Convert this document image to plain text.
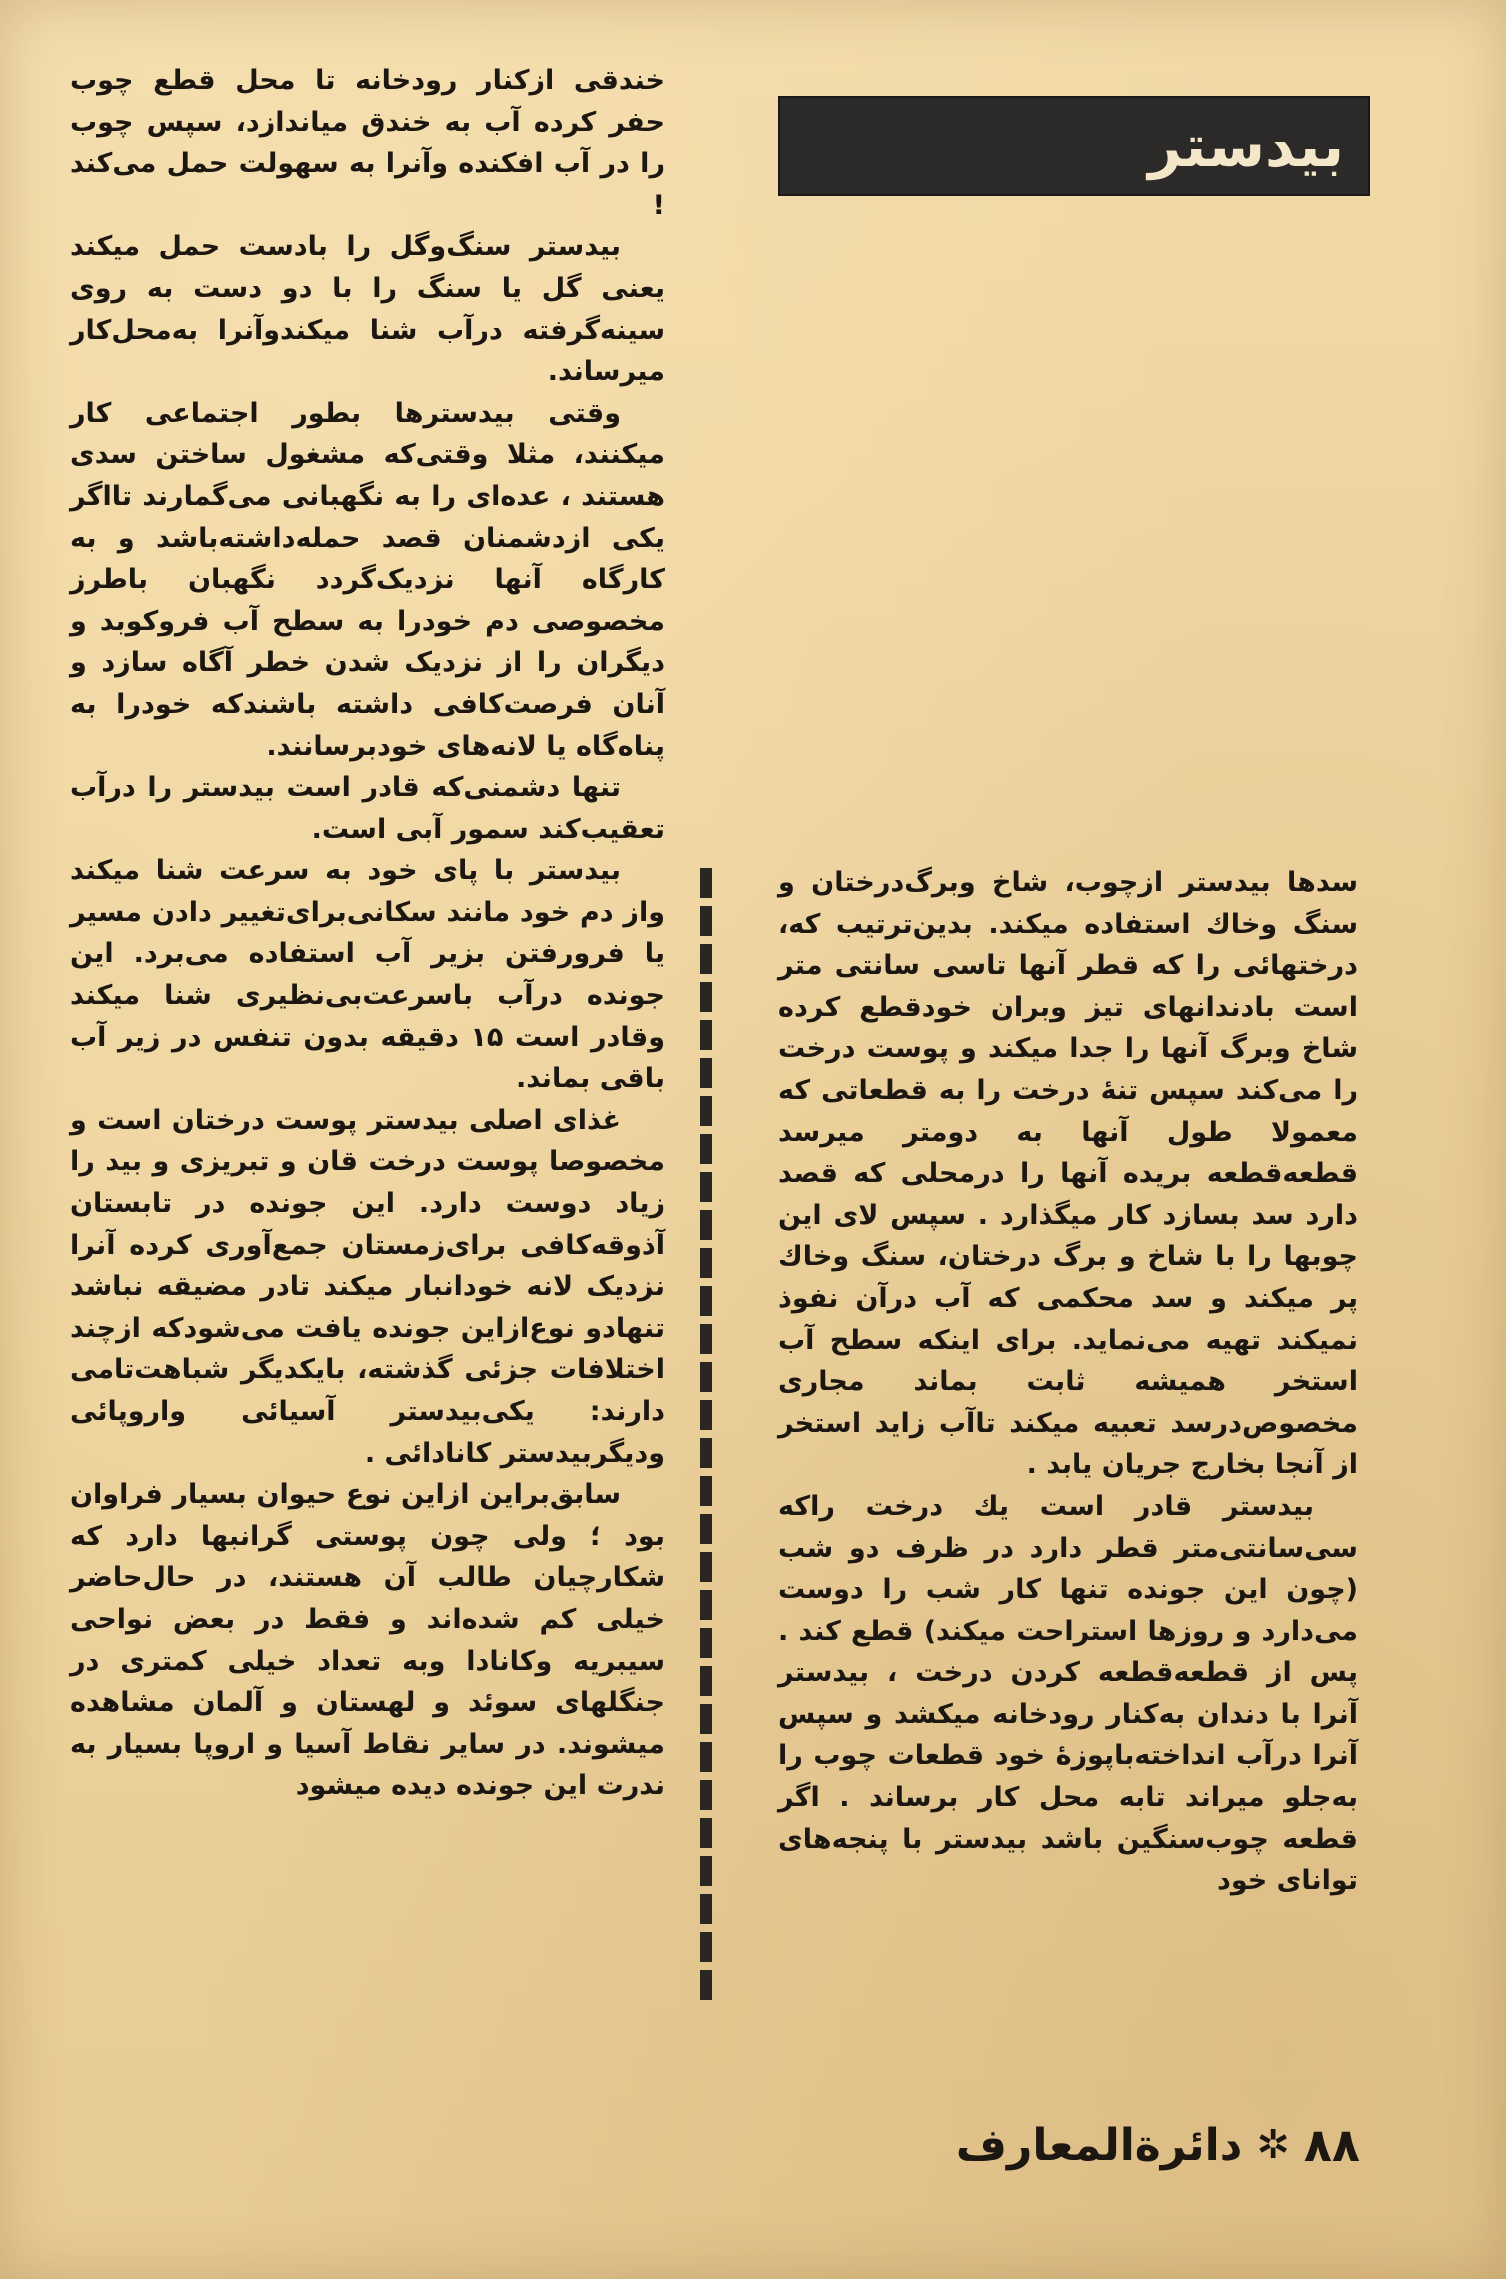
بیدستر

خندقی ازکنار رودخانه تا محل قطع چوب حفر کرده آب به خندق میاندازد، سپس چوب را در آب افکنده وآنرا به سهولت حمل می‌کند !

بیدستر سنگ‌وگل را بادست حمل میکند یعنی گل یا سنگ را با دو دست به روی سینه‌گرفته درآب شنا میکندوآنرا به‌محل‌کار میرساند.

وقتی بیدسترها بطور اجتماعی کار میکنند، مثلا وقتی‌که مشغول ساختن سدی هستند ، عده‌ای را به نگهبانی می‌گمارند تااگر یکی ازدشمنان قصد حمله‌داشته‌باشد و به کارگاه آنها نزدیک‌گردد نگهبان باطرز مخصوصی دم خودرا به سطح آب فروکوبد و دیگران را از نزدیک شدن خطر آگاه سازد و آنان فرصت‌کافی داشته باشندکه خودرا به پناه‌گاه یا لانه‌های خودبرسانند.

تنها دشمنی‌که قادر است بیدستر را درآب تعقیب‌کند سمور آبی است.

بیدستر با پای خود به سرعت شنا میکند واز دم خود مانند سکانی‌برای‌تغییر دادن مسیر یا فرورفتن بزیر آب استفاده می‌برد. این جونده درآب باسرعت‌بی‌نظیری شنا میکند وقادر است ۱۵ دقیقه بدون تنفس در زیر آب باقی بماند.

غذای اصلی بیدستر پوست درختان است و مخصوصا پوست درخت قان و تبریزی و بید را زیاد دوست دارد. این جونده در تابستان آذوقه‌کافی برای‌زمستان جمع‌آوری کرده آنرا نزدیک لانه خودانبار میکند تادر مضیقه نباشد تنهادو نوع‌ازاین جونده یافت می‌شودکه ازچند اختلافات جزئی گذشته، بایکدیگر شباهت‌تامی دارند: یکی‌بیدستر آسیائی واروپائی ودیگربیدستر کانادائی .

سابق‌براین ازاین نوع حیوان بسیار فراوان بود ؛ ولی چون پوستی گرانبها دارد که شکارچیان طالب آن هستند، در حال‌حاضر خیلی کم شده‌اند و فقط در بعض نواحی سیبریه وکانادا وبه تعداد خیلی کمتری در جنگلهای سوئد و لهستان و آلمان مشاهده میشوند. در سایر نقاط آسیا و اروپا بسیار به ندرت این جونده دیده میشود

سدها بیدستر ازچوب، شاخ وبرگ‌درختان و سنگ وخاك استفاده میکند. بدین‌ترتیب که، درختهائی را که قطر آنها تاسی سانتی متر است بادندانهای تیز وبران خودقطع کرده شاخ وبرگ آنها را جدا میکند و پوست درخت را می‌کند سپس تنهٔ درخت را به قطعاتی که معمولا طول آنها به دومتر میرسد قطعه‌قطعه بریده آنها را درمحلی که قصد دارد سد بسازد کار میگذارد . سپس لای این چوبها را با شاخ و برگ درختان، سنگ وخاك پر میکند و سد محکمی که آب درآن نفوذ نمیکند تهیه می‌نماید. برای اینکه سطح آب استخر همیشه ثابت بماند مجاری مخصوص‌درسد تعبیه میکند تاآب زاید استخر از آنجا بخارج جریان یابد .

بیدستر قادر است یك درخت راکه سی‌سانتی‌متر قطر دارد در ظرف دو شب (چون این جونده تنها کار شب را دوست می‌دارد و روزها استراحت میکند) قطع کند . پس از قطعه‌قطعه کردن درخت ، بیدستر آنرا با دندان به‌کنار رودخانه میکشد و سپس آنرا درآب انداخته‌باپوزهٔ خود قطعات چوب را به‌جلو میراند تابه محل کار برساند . اگر قطعه چوب‌سنگین باشد بیدستر با پنجه‌های توانای خود

۸۸
✲
دائرة‌المعارف
